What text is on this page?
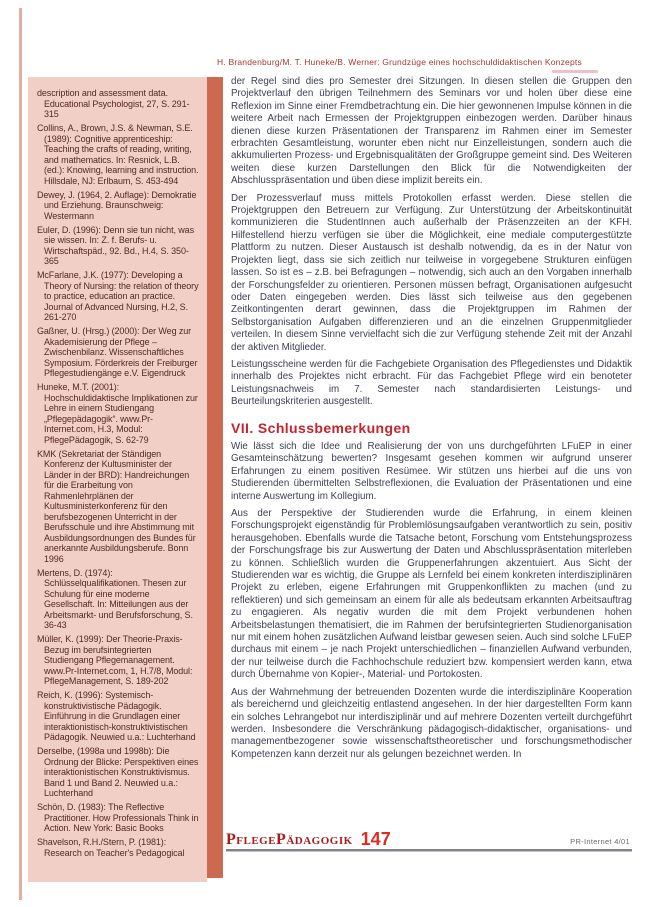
H. Brandenburg/M. T. Huneke/B. Werner: Grundzüge eines hochschuldidaktischen Konzepts
description and assessment data. Educational Psychologist, 27, S. 291-315
Collins, A., Brown, J.S. & Newman, S.E. (1989): Cognitive apprenticeship: Teaching the crafts of reading, writing, and mathematics. In: Resnick, L.B. (ed.): Knowing, learning and instruction. Hillsdale, NJ: Erlbaum, S. 453-494
Dewey, J. (1964, 2. Auflage): Demokratie und Erziehung. Braunschweig: Westermann
Euler, D. (1996): Denn sie tun nicht, was sie wissen. In: Z. f. Berufs- u. Wirtschaftspäd., 92. Bd., H.4, S. 350-365
McFarlane, J.K. (1977): Developing a Theory of Nursing: the relation of theory to practice, education an practice. Journal of Advanced Nursing, H.2, S. 261-270
Gaßner, U. (Hrsg.) (2000): Der Weg zur Akademisierung der Pflege – Zwischenbilanz. Wissenschaftliches Symposium. Förderkreis der Freiburger Pflegestudiengänge e.V. Eigendruck
Huneke, M.T. (2001): Hochschuldidaktische Implikationen zur Lehre in einem Studiengang „Pflegepädagogik“. www.Pr-Internet.com, H.3, Modul: PflegePädagogik, S. 62-79
KMK (Sekretariat der Ständigen Konferenz der Kultusminister der Länder in der BRD): Handreichungen für die Erarbeitung von Rahmenlehrplänen der Kultusministerkonferenz für den berufsbezogenen Unterricht in der Berufsschule und ihre Abstimmung mit Ausbildungsordnungen des Bundes für anerkannte Ausbildungsberufe. Bonn 1996
Mertens, D. (1974): Schlüsselqualifikationen. Thesen zur Schulung für eine moderne Gesellschaft. In: Mitteilungen aus der Arbeitsmarkt- und Berufsforschung, S. 36-43
Müller, K. (1999): Der Theorie-Praxis-Bezug im berufsintegrierten Studiengang Pflegemanagement. www.Pr-Internet.com, 1, H.7/8, Modul: PflegeManagement, S. 189-202
Reich, K. (1996): Systemisch-konstruktivistische Pädagogik. Einführung in die Grundlagen einer interaktionistisch-konstruktivistischen Pädagogik. Neuwied u.a.: Luchterhand
Derselbe, (1998a und 1998b): Die Ordnung der Blicke: Perspektiven eines interaktionistischen Konstruktivismus. Band 1 und Band 2. Neuwied u.a.: Luchterhand
Schön, D. (1983): The Reflective Practitioner. How Professionals Think in Action. New York: Basic Books
Shavelson, R.H./Stern, P. (1981): Research on Teacher's Pedagogical
der Regel sind dies pro Semester drei Sitzungen. In diesen stellen die Gruppen den Projektverlauf den übrigen Teilnehmern des Seminars vor und holen über diese eine Reflexion im Sinne einer Fremdbetrachtung ein. Die hier gewonnenen Impulse können in die weitere Arbeit nach Ermessen der Projektgruppen einbezogen werden. Darüber hinaus dienen diese kurzen Präsentationen der Transparenz im Rahmen einer im Semester erbrachten Gesamtleistung, worunter eben nicht nur Einzelleistungen, sondern auch die akkumulierten Prozess- und Ergebnisqualitäten der Großgruppe gemeint sind. Des Weiteren weiten diese kurzen Darstellungen den Blick für die Notwendigkeiten der Abschlusspräsentation und üben diese implizit bereits ein.
Der Prozessverlauf muss mittels Protokollen erfasst werden. Diese stellen die Projektgruppen den Betreuern zur Verfügung. Zur Unterstützung der Arbeitskontinuität kommunizieren die StudentInnen auch außerhalb der Präsenzzeiten an der KFH. Hilfestellend hierzu verfügen sie über die Möglichkeit, eine mediale computergestützte Plattform zu nutzen. Dieser Austausch ist deshalb notwendig, da es in der Natur von Projekten liegt, dass sie sich zeitlich nur teilweise in vorgegebene Strukturen einfügen lassen. So ist es – z.B. bei Befragungen – notwendig, sich auch an den Vorgaben innerhalb der Forschungsfelder zu orientieren. Personen müssen befragt, Organisationen aufgesucht oder Daten eingegeben werden. Dies lässt sich teilweise aus den gegebenen Zeitkontingenten derart gewinnen, dass die Projektgruppen im Rahmen der Selbstorganisation Aufgaben differenzieren und an die einzelnen Gruppenmitglieder verteilen. In diesem Sinne vervielfacht sich die zur Verfügung stehende Zeit mit der Anzahl der aktiven Mitglieder.
Leistungsscheine werden für die Fachgebiete Organisation des Pflegedienstes und Didaktik innerhalb des Projektes nicht erbracht. Für das Fachgebiet Pflege wird ein benoteter Leistungsnachweis im 7. Semester nach standardisierten Leistungs- und Beurteilungskriterien ausgestellt.
VII. Schlussbemerkungen
Wie lässt sich die Idee und Realisierung der von uns durchgeführten LFuEP in einer Gesamteinschätzung bewerten? Insgesamt gesehen kommen wir aufgrund unserer Erfahrungen zu einem positiven Resümee. Wir stützen uns hierbei auf die uns von Studierenden übermittelten Selbstreflexionen, die Evaluation der Präsentationen und eine interne Auswertung im Kollegium.
Aus der Perspektive der Studierenden wurde die Erfahrung, in einem kleinen Forschungsprojekt eigenständig für Problemlösungsaufgaben verantwortlich zu sein, positiv herausgehoben. Ebenfalls wurde die Tatsache betont, Forschung vom Entstehungsprozess der Forschungsfrage bis zur Auswertung der Daten und Abschlusspräsentation miterleben zu können. Schließlich wurden die Gruppenerfahrungen akzentuiert. Aus Sicht der Studierenden war es wichtig, die Gruppe als Lernfeld bei einem konkreten interdisziplinären Projekt zu erleben, eigene Erfahrungen mit Gruppenkonflikten zu machen (und zu reflektieren) und sich gemeinsam an einem für alle als bedeutsam erkannten Arbeitsauftrag zu engagieren. Als negativ wurden die mit dem Projekt verbundenen hohen Arbeitsbelastungen thematisiert, die im Rahmen der berufsintegrierten Studienorganisation nur mit einem hohen zusätzlichen Aufwand leistbar gewesen seien. Auch sind solche LFuEP durchaus mit einem – je nach Projekt unterschiedlichen – finanziellen Aufwand verbunden, der nur teilweise durch die Fachhochschule reduziert bzw. kompensiert werden kann, etwa durch Übernahme von Kopier-, Material- und Portokosten.
Aus der Wahrnehmung der betreuenden Dozenten wurde die interdisziplinäre Kooperation als bereichernd und gleichzeitig entlastend angesehen. In der hier dargestellten Form kann ein solches Lehrangebot nur interdisziplinär und auf mehrere Dozenten verteilt durchgeführt werden. Insbesondere die Verschränkung pädagogisch-didaktischer, organisations- und managementbezogener sowie wissenschaftstheoretischer und forschungsmethodischer Kompetenzen kann derzeit nur als gelungen bezeichnet werden. In
PflegePädagogik 147	PR-Internet 4/01
